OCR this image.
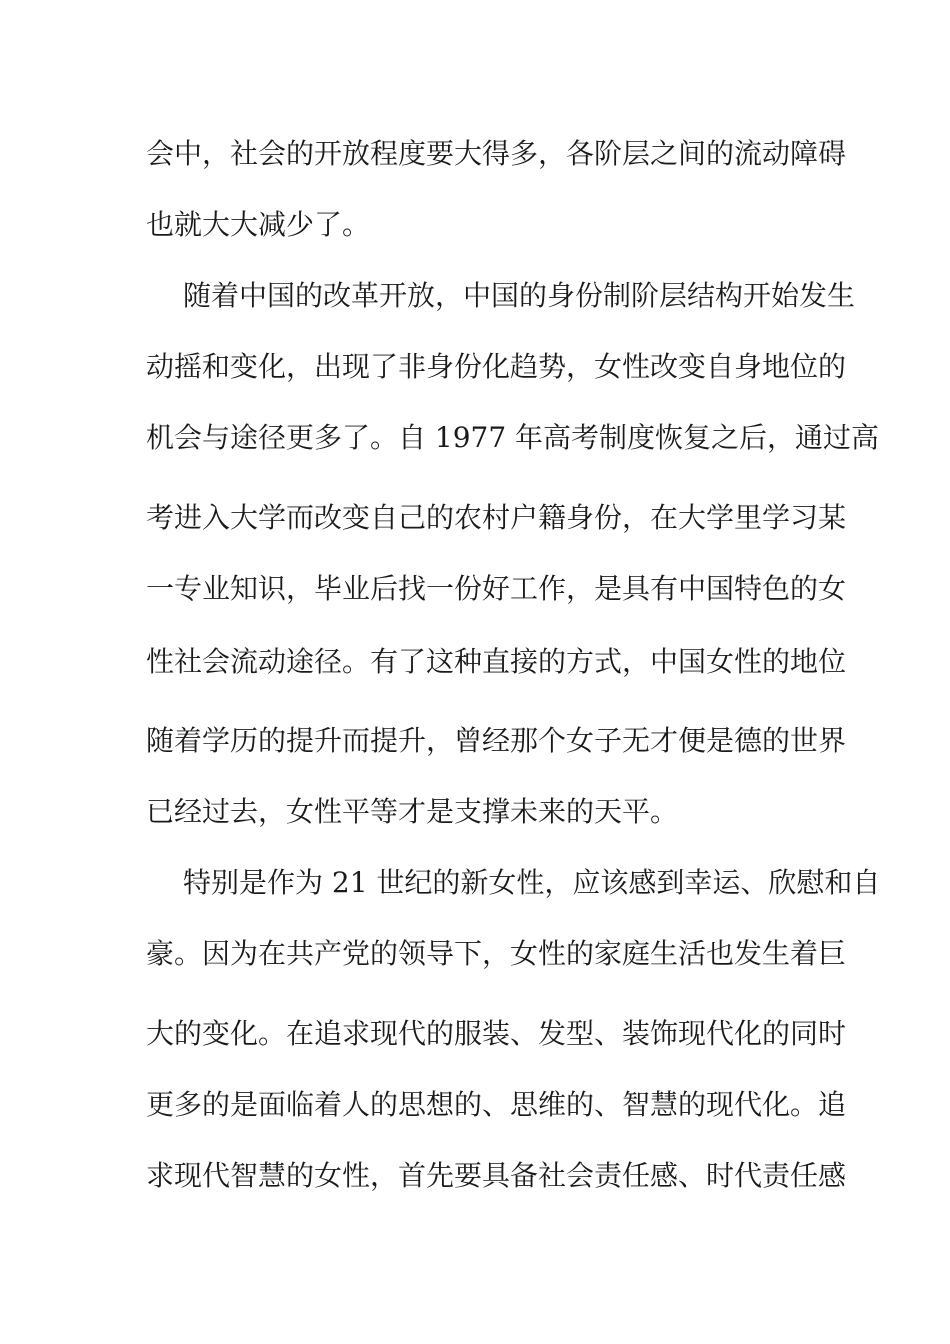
会中，社会的开放程度要大得多，各阶层之间的流动障碍
也就大大减少了。
随着中国的改革开放，中国的身份制阶层结构开始发生
动摇和变化，出现了非身份化趋势，女性改变自身地位的
机会与途径更多了。自 1977 年高考制度恢复之后，通过高
考进入大学而改变自己的农村户籍身份，在大学里学习某
一专业知识，毕业后找一份好工作，是具有中国特色的女
性社会流动途径。有了这种直接的方式，中国女性的地位
随着学历的提升而提升，曾经那个女子无才便是德的世界
已经过去，女性平等才是支撑未来的天平。
特别是作为 21 世纪的新女性，应该感到幸运、欣慰和自
豪。因为在共产党的领导下，女性的家庭生活也发生着巨
大的变化。在追求现代的服装、发型、装饰现代化的同时
更多的是面临着人的思想的、思维的、智慧的现代化。追
求现代智慧的女性，首先要具备社会责任感、时代责任感
